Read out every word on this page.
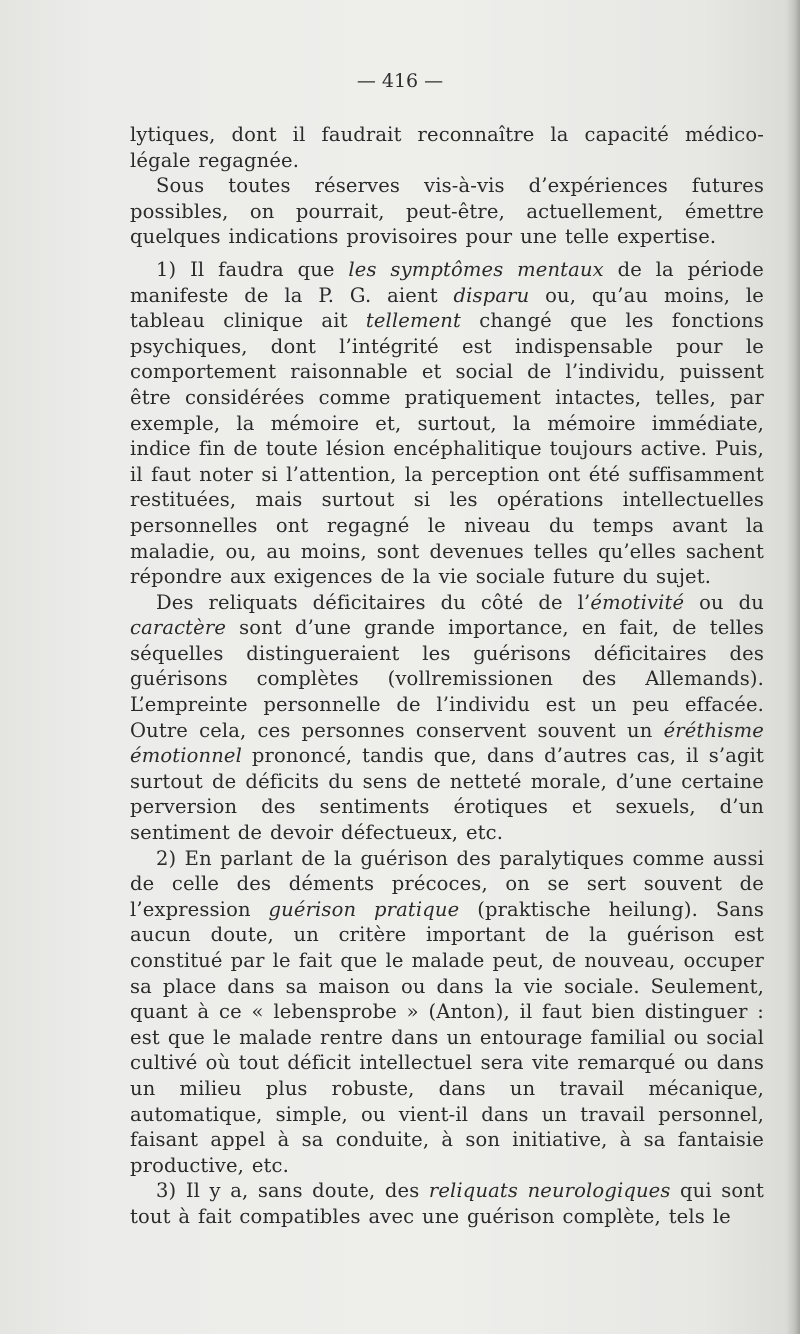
— 416 —

lytiques, dont il faudrait reconnaître la capacité médico-légale regagnée.

Sous toutes réserves vis-à-vis d’expériences futures possibles, on pourrait, peut-être, actuellement, émettre quelques indications provisoires pour une telle expertise.

1) Il faudra que les symptômes mentaux de la période manifeste de la P. G. aient disparu ou, qu’au moins, le tableau clinique ait tellement changé que les fonctions psychiques, dont l’intégrité est indispensable pour le comportement raisonnable et social de l’individu, puissent être considérées comme pratiquement intactes, telles, par exemple, la mémoire et, surtout, la mémoire immédiate, indice fin de toute lésion encéphalitique toujours active. Puis, il faut noter si l’attention, la perception ont été suffisamment restituées, mais surtout si les opérations intellectuelles personnelles ont regagné le niveau du temps avant la maladie, ou, au moins, sont devenues telles qu’elles sachent répondre aux exigences de la vie sociale future du sujet.

Des reliquats déficitaires du côté de l’émotivité ou du caractère sont d’une grande importance, en fait, de telles séquelles distingueraient les guérisons déficitaires des guérisons complètes (vollremissionen des Allemands). L’empreinte personnelle de l’individu est un peu effacée. Outre cela, ces personnes conservent souvent un éréthisme émotionnel prononcé, tandis que, dans d’autres cas, il s’agit surtout de déficits du sens de netteté morale, d’une certaine perversion des sentiments érotiques et sexuels, d’un sentiment de devoir défectueux, etc.

2) En parlant de la guérison des paralytiques comme aussi de celle des déments précoces, on se sert souvent de l’expression guérison pratique (praktische heilung). Sans aucun doute, un critère important de la guérison est constitué par le fait que le malade peut, de nouveau, occuper sa place dans sa maison ou dans la vie sociale. Seulement, quant à ce « lebensprobe » (Anton), il faut bien distinguer : est que le malade rentre dans un entourage familial ou social cultivé où tout déficit intellectuel sera vite remarqué ou dans un milieu plus robuste, dans un travail mécanique, automatique, simple, ou vient-il dans un travail personnel, faisant appel à sa conduite, à son initiative, à sa fantaisie productive, etc.

3) Il y a, sans doute, des reliquats neurologiques qui sont tout à fait compatibles avec une guérison complète, tels le
